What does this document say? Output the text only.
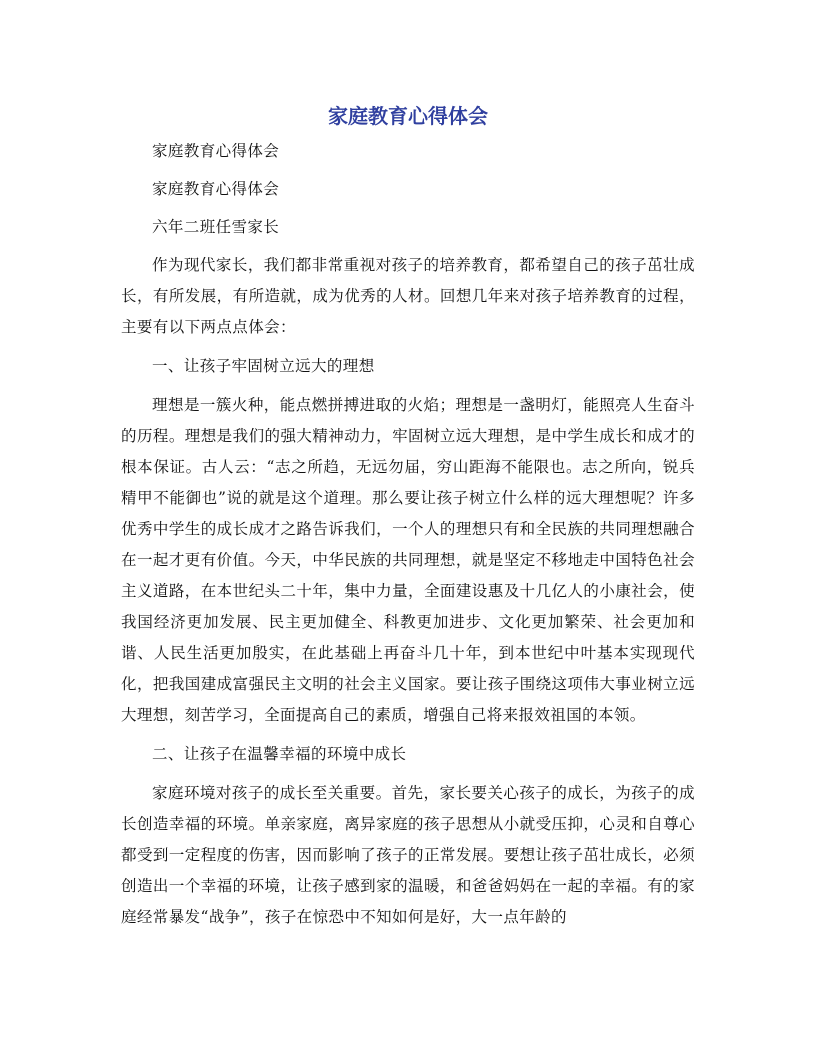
家庭教育心得体会

家庭教育心得体会

家庭教育心得体会

六年二班任雪家长

作为现代家长，我们都非常重视对孩子的培养教育，都希望自己的孩子茁壮成长，有所发展，有所造就，成为优秀的人材。回想几年来对孩子培养教育的过程，主要有以下两点点体会：

一、让孩子牢固树立远大的理想

理想是一簇火种，能点燃拼搏进取的火焰；理想是一盏明灯，能照亮人生奋斗的历程。理想是我们的强大精神动力，牢固树立远大理想，是中学生成长和成才的根本保证。古人云：“志之所趋，无远勿届，穷山距海不能限也。志之所向，锐兵精甲不能御也”说的就是这个道理。那么要让孩子树立什么样的远大理想呢？许多优秀中学生的成长成才之路告诉我们，一个人的理想只有和全民族的共同理想融合在一起才更有价值。今天，中华民族的共同理想，就是坚定不移地走中国特色社会主义道路，在本世纪头二十年，集中力量，全面建设惠及十几亿人的小康社会，使我国经济更加发展、民主更加健全、科教更加进步、文化更加繁荣、社会更加和谐、人民生活更加殷实，在此基础上再奋斗几十年，到本世纪中叶基本实现现代化，把我国建成富强民主文明的社会主义国家。要让孩子围绕这项伟大事业树立远大理想，刻苦学习，全面提高自己的素质，增强自己将来报效祖国的本领。

二、让孩子在温馨幸福的环境中成长

家庭环境对孩子的成长至关重要。首先，家长要关心孩子的成长，为孩子的成长创造幸福的环境。单亲家庭，离异家庭的孩子思想从小就受压抑，心灵和自尊心都受到一定程度的伤害，因而影响了孩子的正常发展。要想让孩子茁壮成长，必须创造出一个幸福的环境，让孩子感到家的温暖，和爸爸妈妈在一起的幸福。有的家庭经常暴发“战争”，孩子在惊恐中不知如何是好，大一点年龄的
